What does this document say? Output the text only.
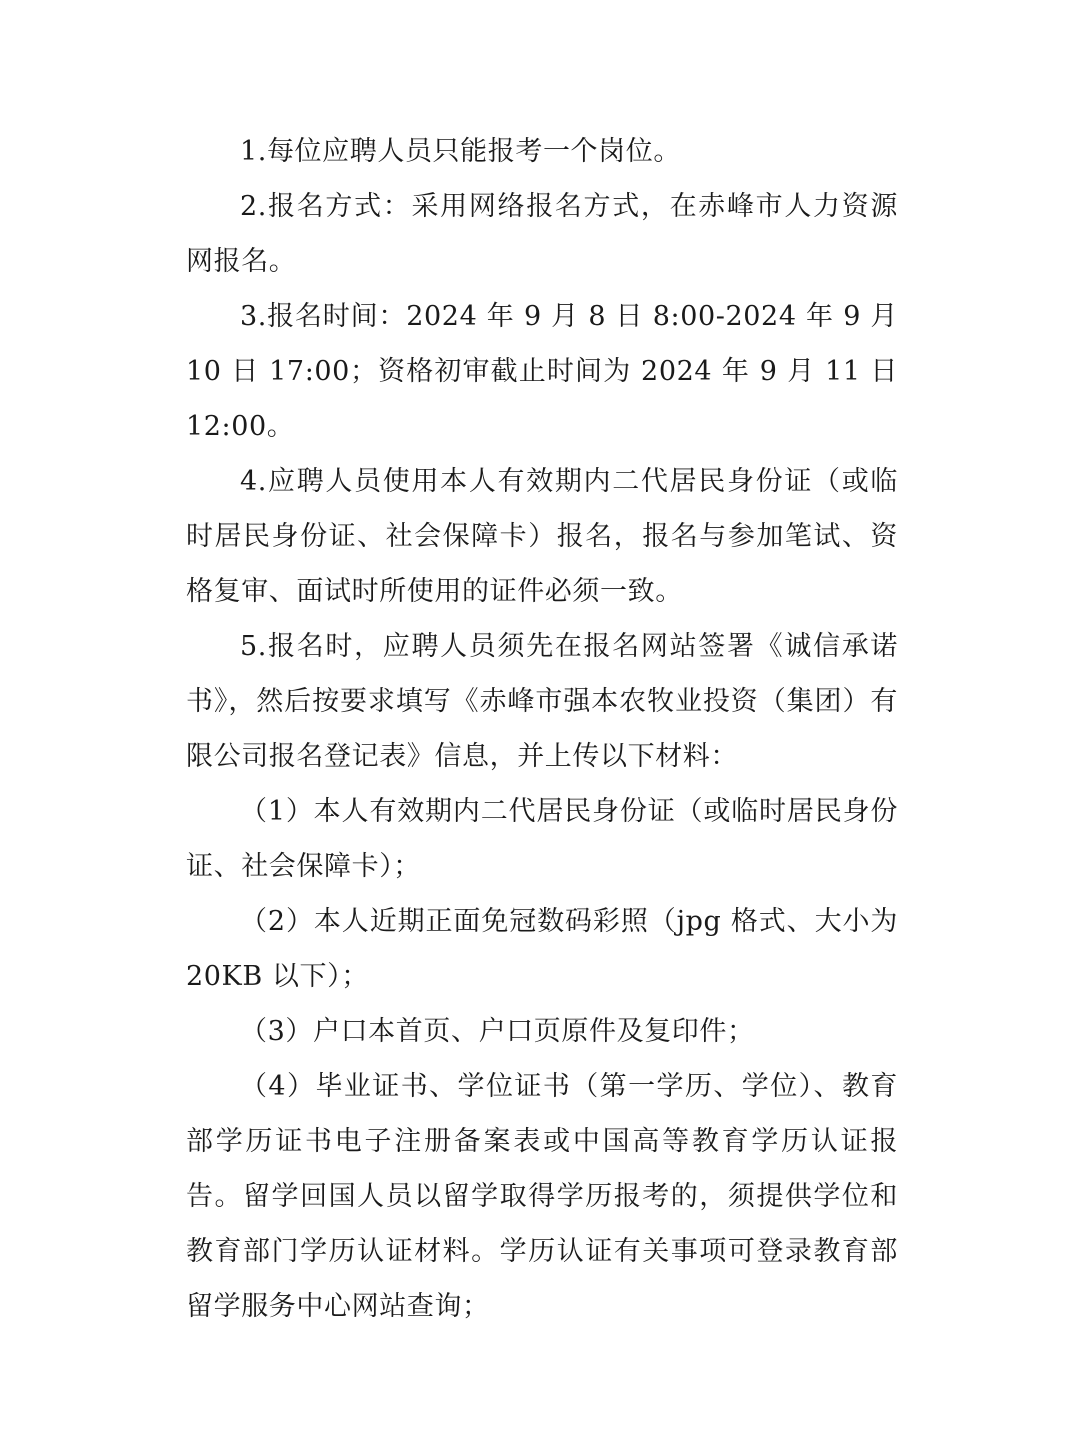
1.每位应聘人员只能报考一个岗位。

2.报名方式：采用网络报名方式，在赤峰市人力资源网报名。

3.报名时间：2024 年 9 月 8 日 8:00-2024 年 9 月 10 日 17:00；资格初审截止时间为 2024 年 9 月 11 日 12:00。

4.应聘人员使用本人有效期内二代居民身份证（或临时居民身份证、社会保障卡）报名，报名与参加笔试、资格复审、面试时所使用的证件必须一致。

5.报名时，应聘人员须先在报名网站签署《诚信承诺书》，然后按要求填写《赤峰市强本农牧业投资（集团）有限公司报名登记表》信息，并上传以下材料：

（1）本人有效期内二代居民身份证（或临时居民身份证、社会保障卡）；

（2）本人近期正面免冠数码彩照（jpg 格式、大小为 20KB 以下）；

（3）户口本首页、户口页原件及复印件；

（4）毕业证书、学位证书（第一学历、学位）、教育部学历证书电子注册备案表或中国高等教育学历认证报告。留学回国人员以留学取得学历报考的，须提供学位和教育部门学历认证材料。学历认证有关事项可登录教育部留学服务中心网站查询；
